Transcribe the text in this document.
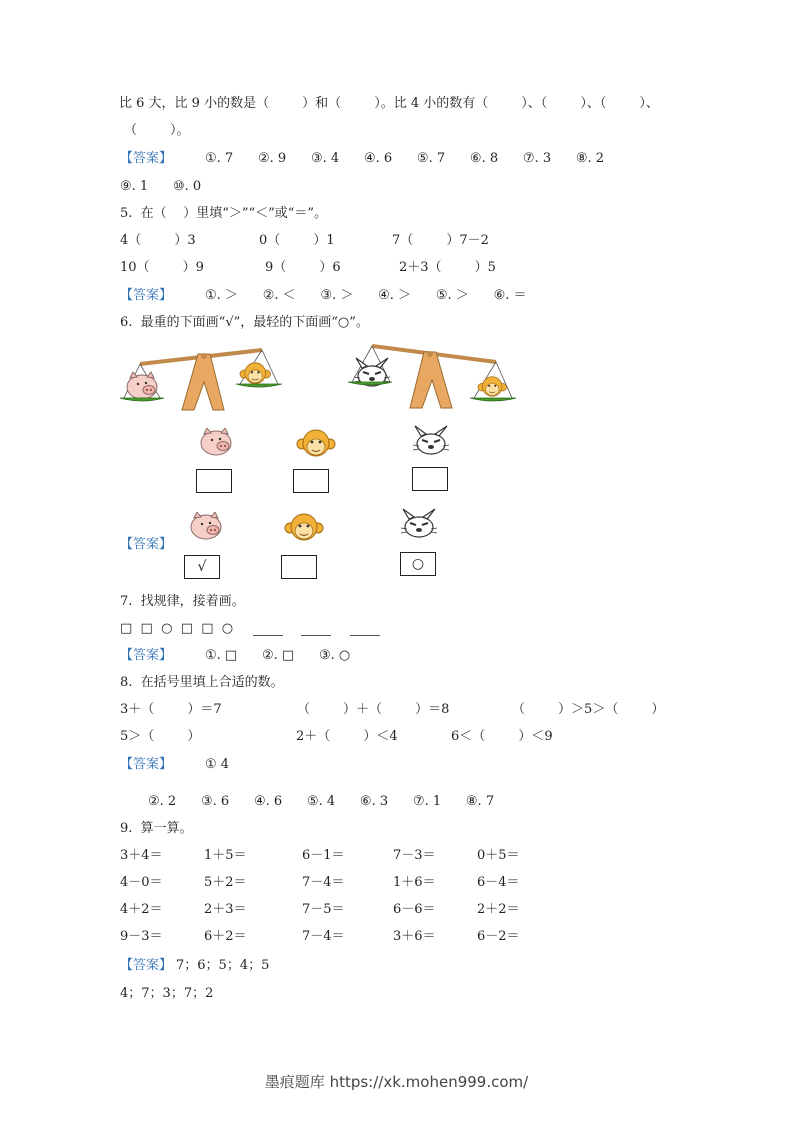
比 6 大，比 9 小的数是（        ）和（        ）。比 4 小的数有（        ）、（        ）、（        ）、
（        ）。
【答案】	①. 7      ②. 9      ③. 4      ④. 6      ⑤. 7      ⑥. 8      ⑦. 3      ⑧. 2
⑨. 1      ⑩. 0
5.  在（    ）里填“＞”“＜”或“＝”。
4（        ）3	0（        ）1	7（        ）7－2
10（        ）9	9（        ）6	2＋3（        ）5
【答案】	①. ＞      ②. ＜      ③. ＞      ④. ＞      ⑤. ＞      ⑥. ＝
6.  最重的下面画“√”，最轻的下面画“○”。
【答案】
√	○
7.  找规律，接着画。
□  □  ○  □  □  ○
【答案】	①. □      ②. □      ③. ○
8.  在括号里填上合适的数。
3＋（        ）＝7	（        ）＋（        ）＝8	（        ）＞5＞（        ）
5＞（        ）	2＋（        ）＜4	6＜（        ）＜9
【答案】	① 4
②. 2      ③. 6      ④. 6      ⑤. 4      ⑥. 3      ⑦. 1      ⑧. 7
9.  算一算。
3＋4＝	1＋5＝	6－1＝	7－3＝	0＋5＝
4－0＝	5＋2＝	7－4＝	1＋6＝	6－4＝
4＋2＝	2＋3＝	7－5＝	6－6＝	2＋2＝
9－3＝	6＋2＝	7－4＝	3＋6＝	6－2＝
【答案】 7；6；5；4；5
4；7；3；7；2
墨痕题库 https://xk.mohen999.com/
